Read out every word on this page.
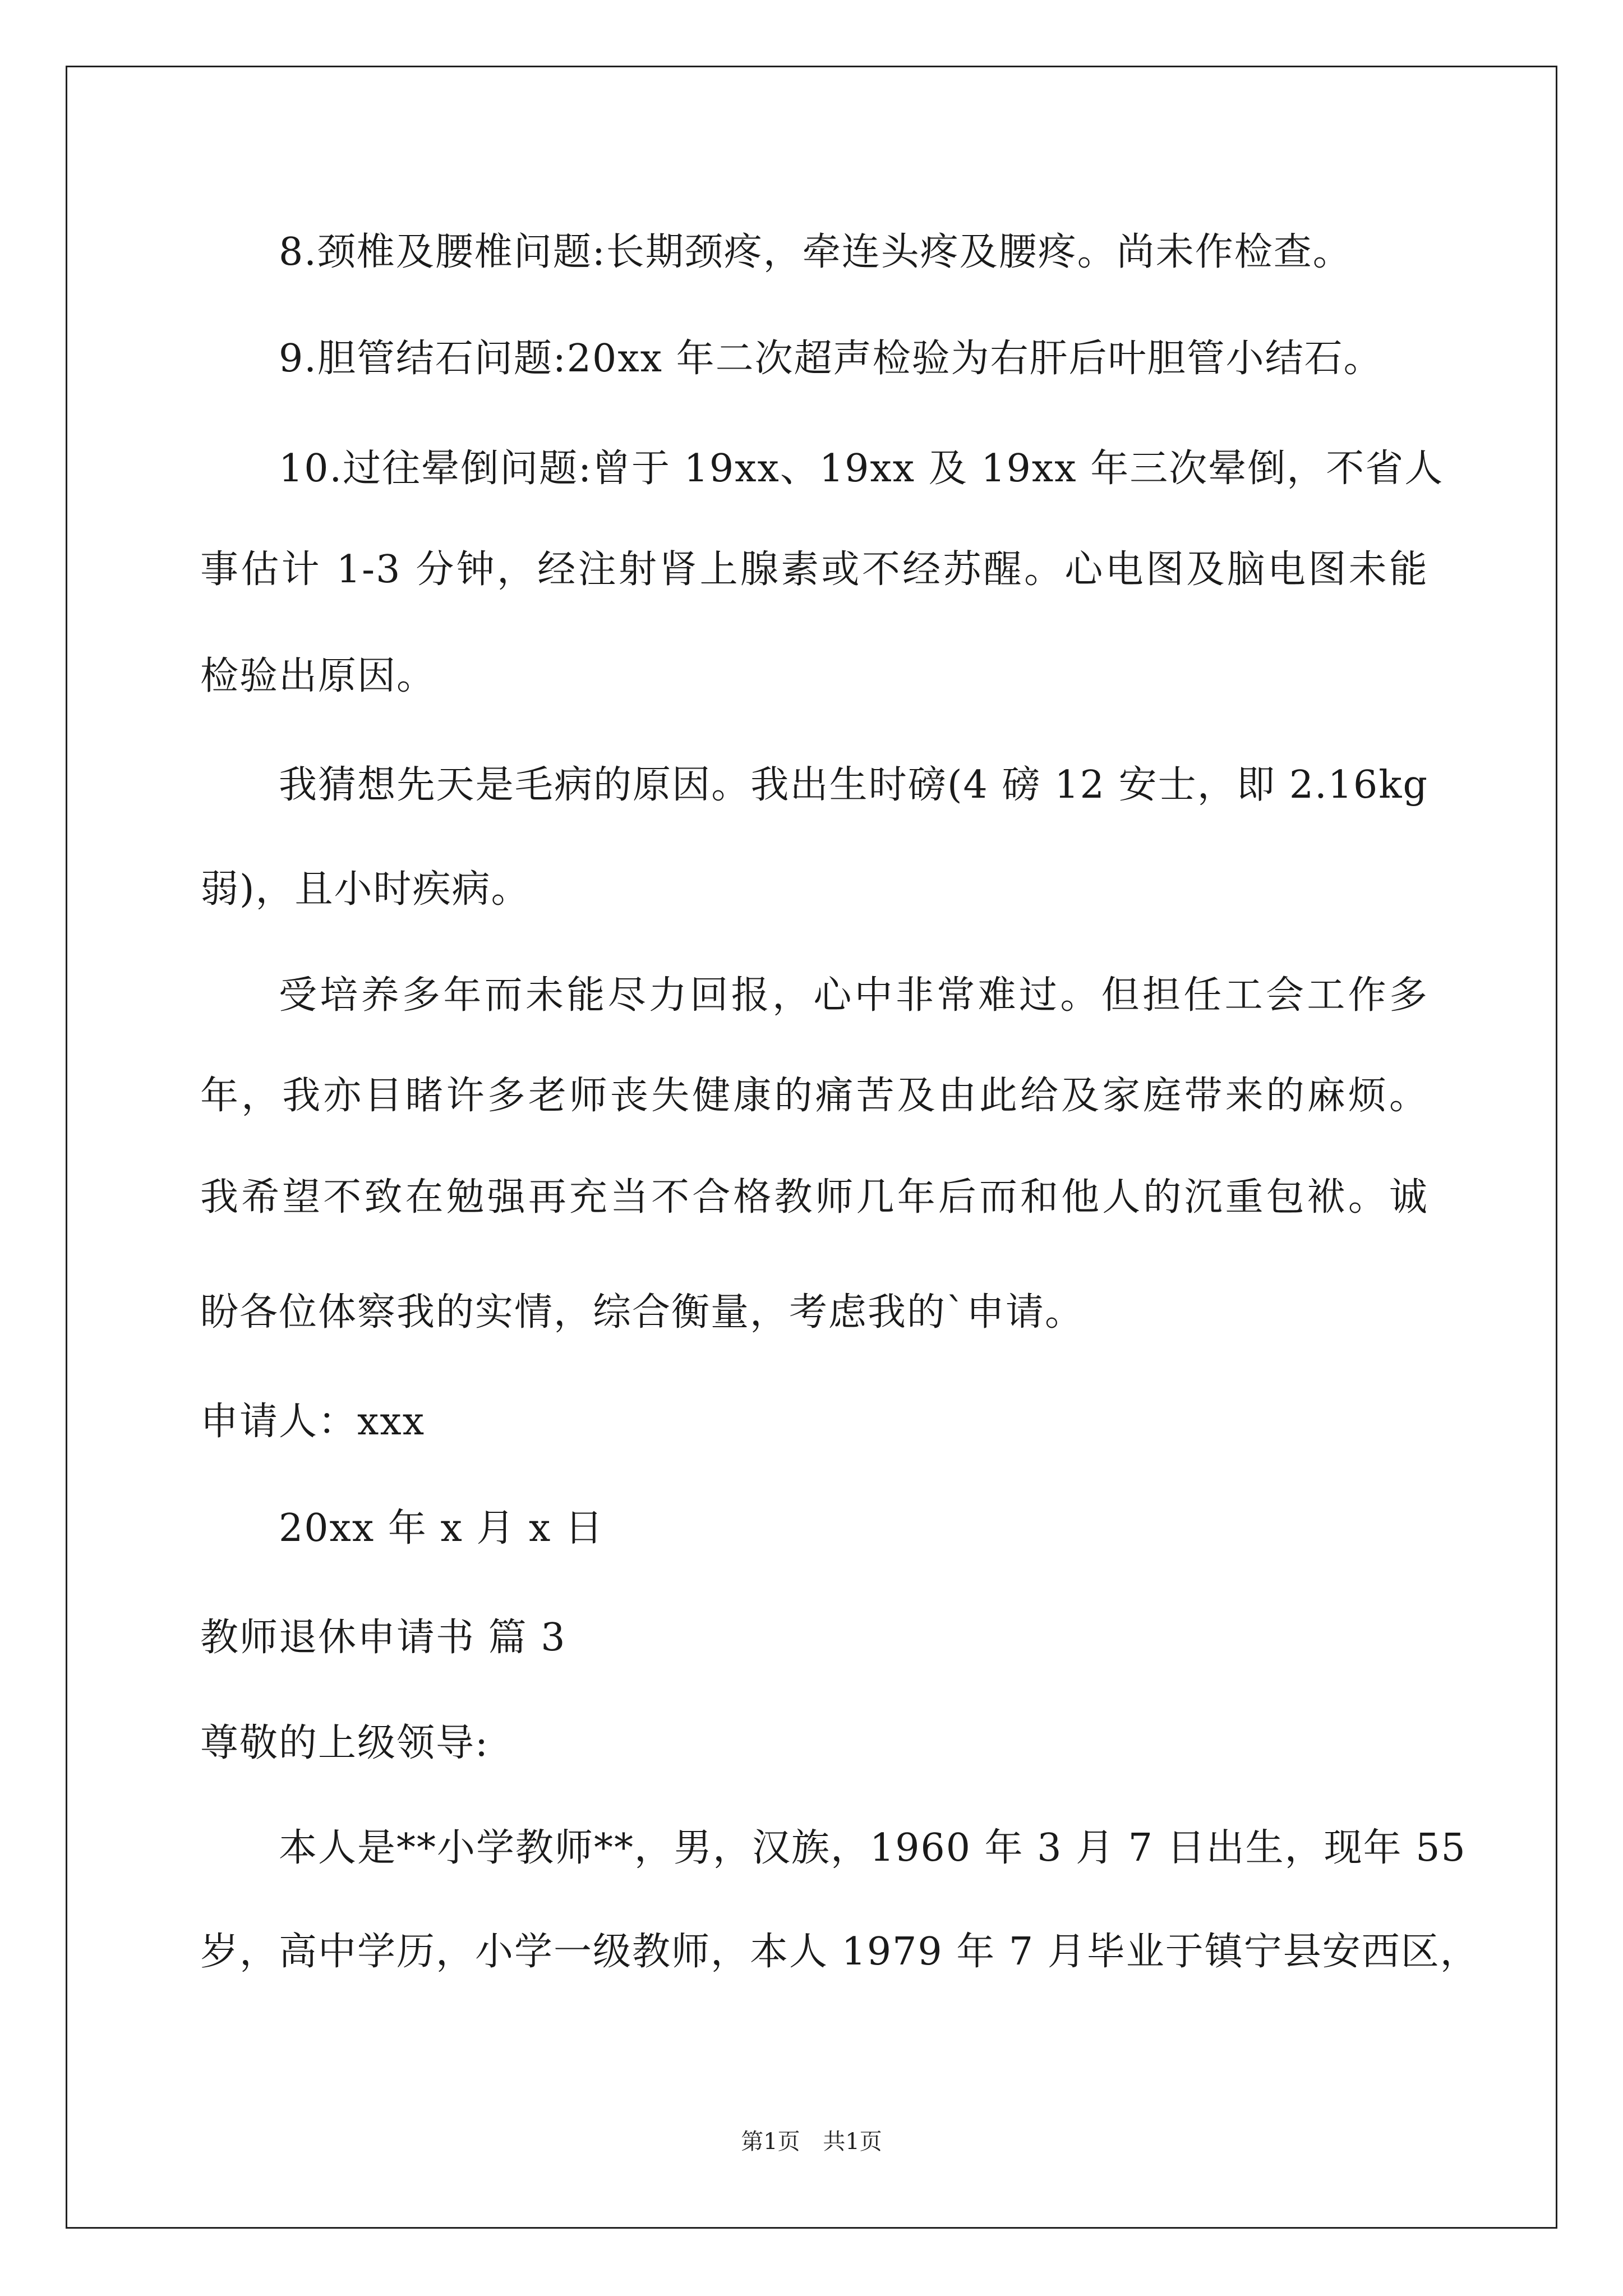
8.颈椎及腰椎问题:长期颈疼，牵连头疼及腰疼。尚未作检查。
9.胆管结石问题:20xx 年二次超声检验为右肝后叶胆管小结石。
10.过往晕倒问题:曾于 19xx、19xx 及 19xx 年三次晕倒，不省人
事估计 1-3 分钟，经注射肾上腺素或不经苏醒。心电图及脑电图未能
检验出原因。
我猜想先天是毛病的原因。我出生时磅(4 磅 12 安士，即 2.16kg
弱)，且小时疾病。
受培养多年而未能尽力回报，心中非常难过。但担任工会工作多
年，我亦目睹许多老师丧失健康的痛苦及由此给及家庭带来的麻烦。
我希望不致在勉强再充当不合格教师几年后而和他人的沉重包袱。诚
盼各位体察我的实情，综合衡量，考虑我的`申请。
申请人：xxx
20xx 年 x 月 x 日
教师退休申请书 篇 3
尊敬的上级领导:
本人是**小学教师**，男，汉族，1960 年 3 月 7 日出生，现年 55
岁，高中学历，小学一级教师，本人 1979 年 7 月毕业于镇宁县安西区，
第1页 共1页
